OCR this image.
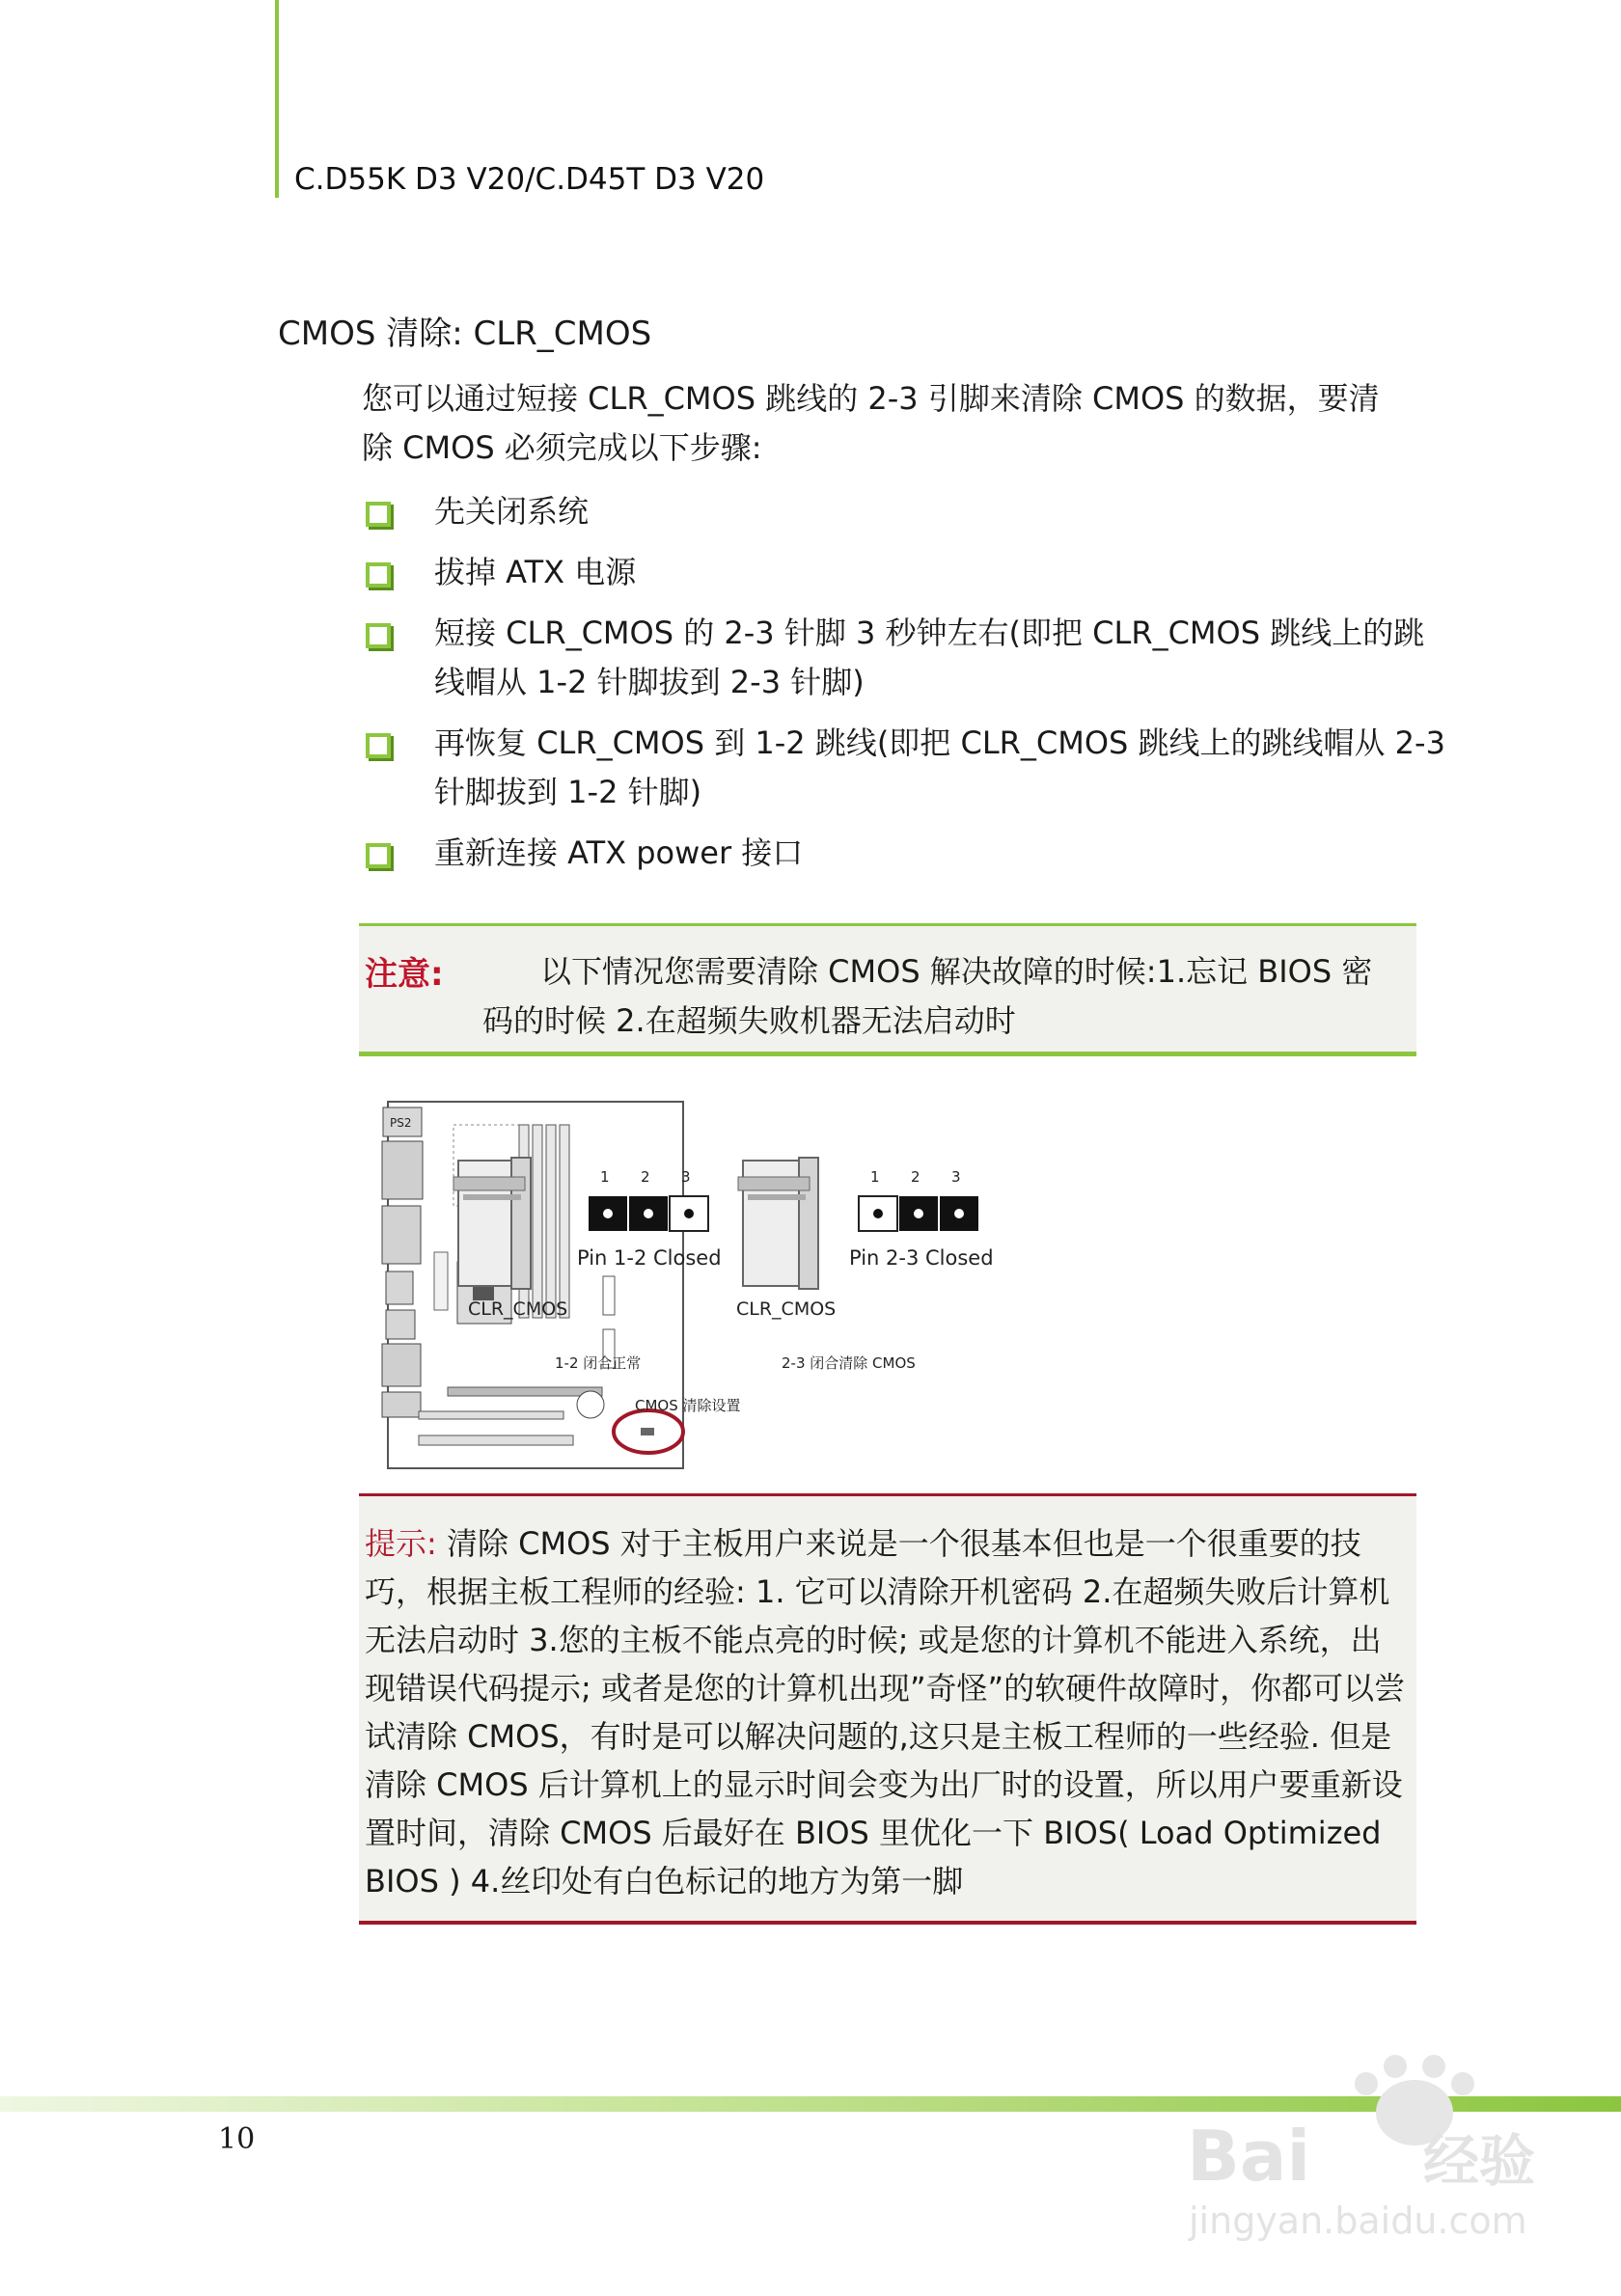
C.D55K D3 V20/C.D45T D3 V20
CMOS 清除: CLR_CMOS
您可以通过短接 CLR_CMOS 跳线的 2-3 引脚来清除 CMOS 的数据，要清
除 CMOS 必须完成以下步骤:
先关闭系统
拔掉 ATX 电源
短接 CLR_CMOS 的 2-3 针脚 3 秒钟左右(即把 CLR_CMOS 跳线上的跳线帽从 1-2 针脚拔到 2-3 针脚)
再恢复 CLR_CMOS 到 1-2 跳线(即把 CLR_CMOS 跳线上的跳线帽从 2-3 针脚拔到 1-2 针脚)
重新连接 ATX power 接口
注意:	以下情况您需要清除 CMOS 解决故障的时候:1.忘记 BIOS 密码的时候 2.在超频失败机器无法启动时
PS2
CLR_CMOS
1 2 3
Pin 1-2 Closed
CLR_CMOS
1 2 3
Pin 2-3 Closed
1-2 闭合正常	2-3 闭合清除 CMOS
CMOS 清除设置
提示: 清除 CMOS 对于主板用户来说是一个很基本但也是一个很重要的技巧，根据主板工程师的经验: 1. 它可以清除开机密码 2.在超频失败后计算机无法启动时 3.您的主板不能点亮的时候; 或是您的计算机不能进入系统，出现错误代码提示; 或者是您的计算机出现”奇怪”的软硬件故障时，你都可以尝试清除 CMOS，有时是可以解决问题的,这只是主板工程师的一些经验. 但是清除 CMOS 后计算机上的显示时间会变为出厂时的设置，所以用户要重新设置时间，清除 CMOS 后最好在 BIOS 里优化一下 BIOS( Load Optimized BIOS ) 4.丝印处有白色标记的地方为第一脚
10	Bai 经验
jingyan.baidu.com
